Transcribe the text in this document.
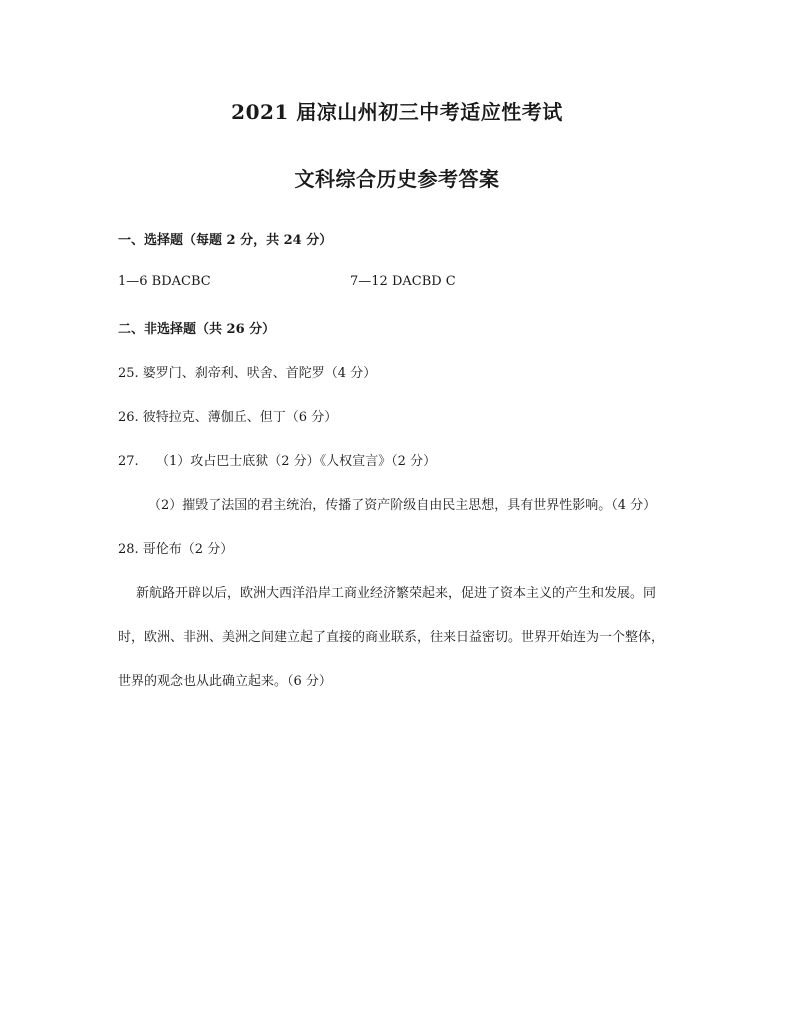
2021 届凉山州初三中考适应性考试
文科综合历史参考答案
一、选择题（每题 2 分，共 24 分）
1—6 BDACBC	7—12 DACBD C
二、非选择题（共 26 分）
25. 婆罗门、刹帝利、吠舍、首陀罗（4 分）
26. 彼特拉克、薄伽丘、但丁（6 分）
27. （1）攻占巴士底狱（2 分）《人权宣言》（2 分）
（2）摧毁了法国的君主统治，传播了资产阶级自由民主思想，具有世界性影响。（4 分）
28. 哥伦布（2 分）
新航路开辟以后，欧洲大西洋沿岸工商业经济繁荣起来，促进了资本主义的产生和发展。同
时，欧洲、非洲、美洲之间建立起了直接的商业联系，往来日益密切。世界开始连为一个整体，
世界的观念也从此确立起来。（6 分）
